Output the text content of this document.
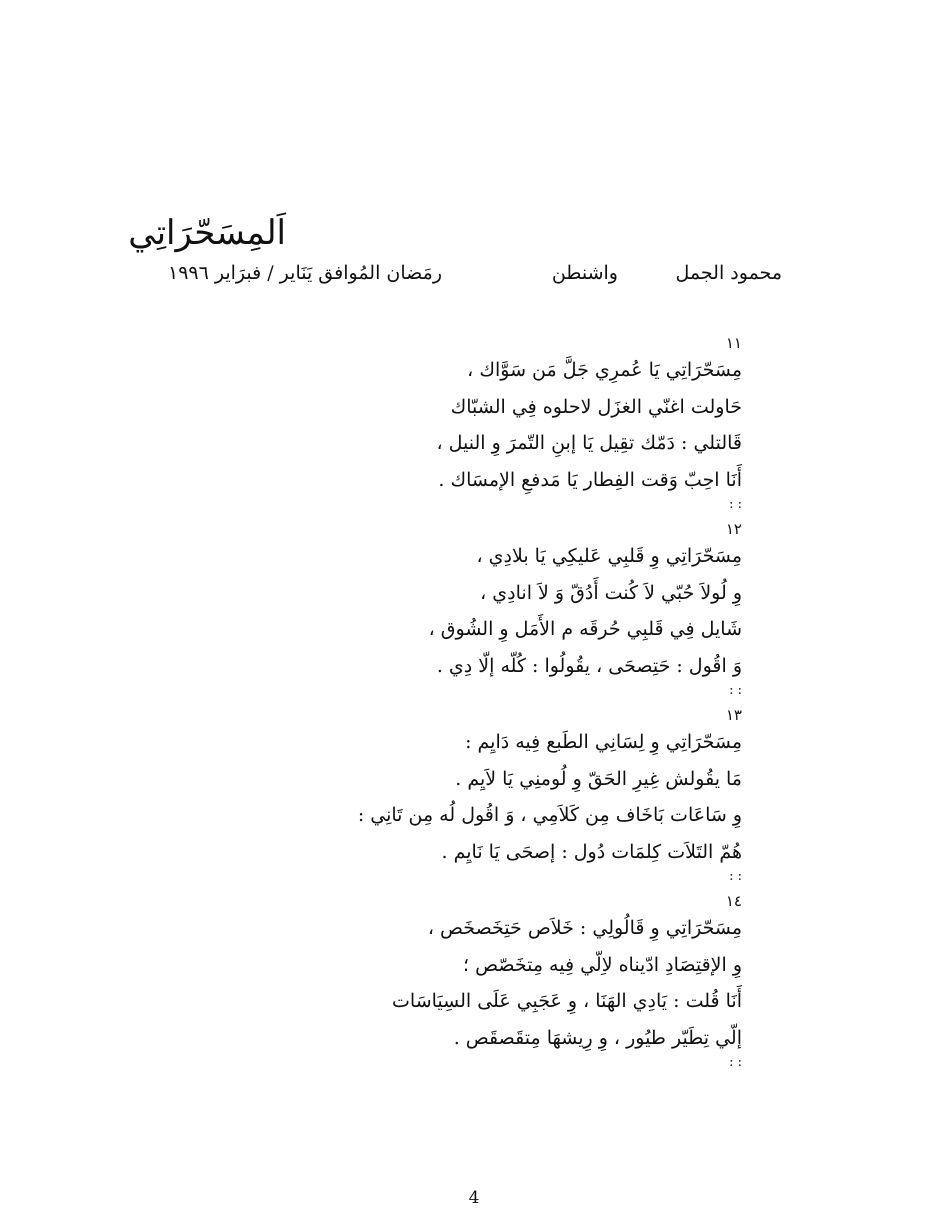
اَلمِسَحّرَاتِي
محمود الجمل
واشنطن
رمَضان المُوافق يَنَاير / فبرَاير ١٩٩٦
١١
مِسَحّرَاتِي يَا عُمرِي جَلَّ مَن سَوَّاك ،
حَاولت اغنّي الغزَل لاحلوه فِي الشبّاك
قَالتلي : دَمّك تقِيل يَا إبنِ التّمرَ وِ النيل ،
أَنَا احِبّ وَقت الفِطار يَا مَدفعِ الإمسَاك .
: :
١٢
مِسَحّرَاتِي وِ قَلبِي عَليكِي يَا بلادِي ،
وِ لُولاَ حُبّي لاَ كُنت أَدُقّ وَ لاَ انادِي ،
شَايل فِي قَلبِي حُرقَه م الأَمَل وِ الشُوق ،
وَ اقُول : حَتِصحَى ، يقُولُوا : كُلّه إلّا دِي .
: :
١٣
مِسَحّرَاتِي وِ لِسَانِي الطَبع فِيه دَايِم :
مَا يقُولش غِيرِ الحَقّ وِ لُومنِي يَا لاَيِم .
وِ سَاعَات بَاخَاف مِن كَلاَمِي ، وَ اقُول لُه مِن تَانِي :
هُمّ التَلاَت كِلمَات دُول : إصحَى يَا نَايِم .
: :
١٤
مِسَحّرَاتِي وِ قَالُولِي : خَلاَص حَتِخَصخَص ،
وِ الإقتِصَادِ ادّيناه لاِلّي فِيه مِتخَصّص ؛
أَنَا قُلت : يَادِي الهَنَا ، وِ عَجَبِي عَلَى السِيَاسَات
إلّي تِطَيّر طيُور ، وِ رِيشهَا مِتقَصقَص .
: :
4
